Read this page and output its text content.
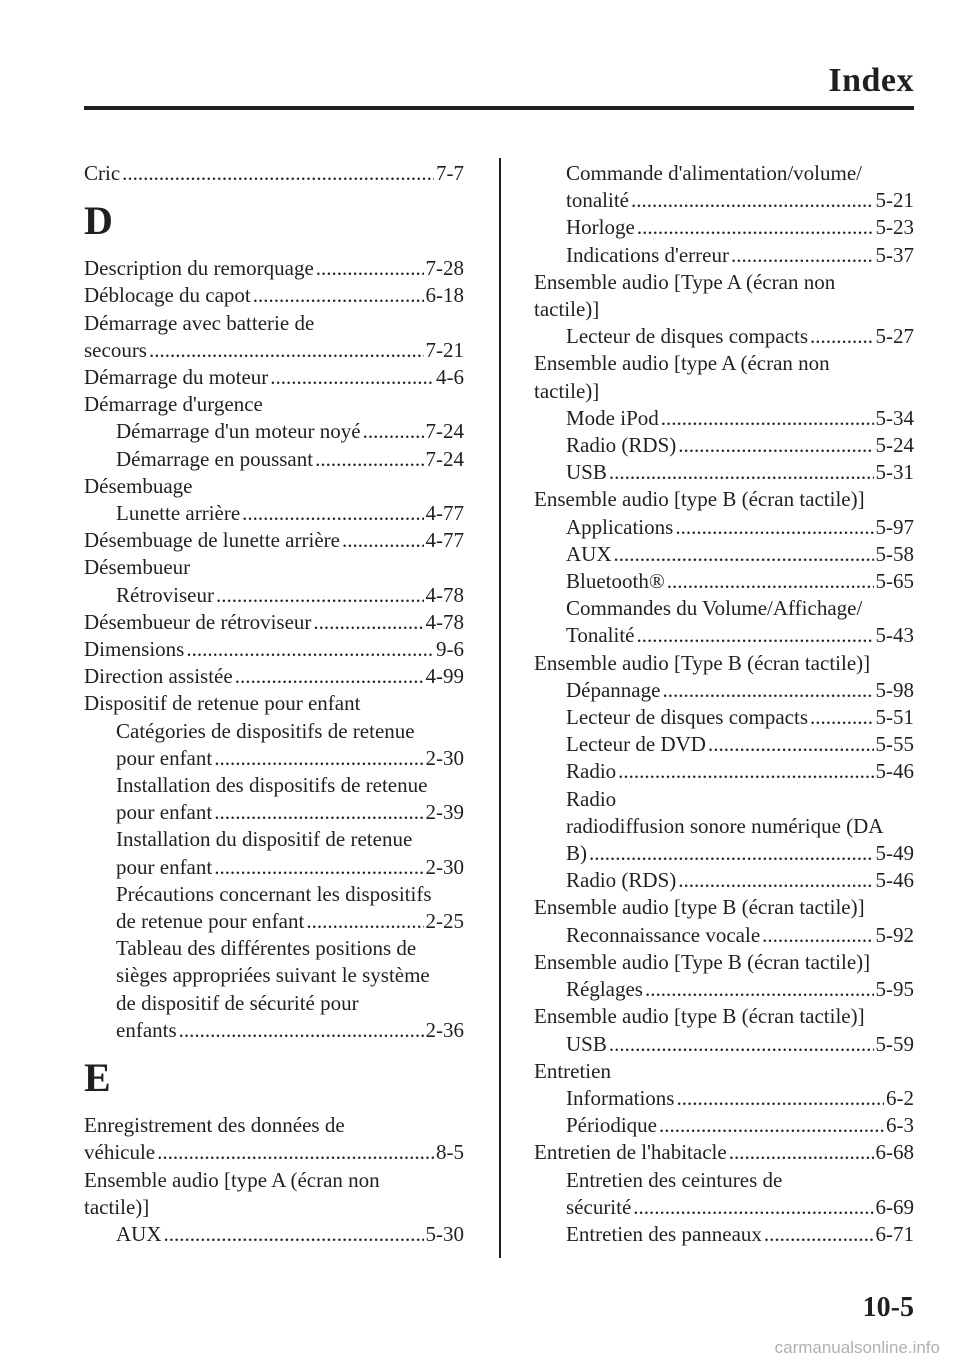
Index
Cric .....	7-7
D
Description du remorquage .....	7-28
Déblocage du capot .....	6-18
Démarrage avec batterie de
secours .....	7-21
Démarrage du moteur .....	4-6
Démarrage d'urgence
Démarrage d'un moteur noyé .....	7-24
Démarrage en poussant .....	7-24
Désembuage
Lunette arrière .....	4-77
Désembuage de lunette arrière .....	4-77
Désembueur
Rétroviseur .....	4-78
Désembueur de rétroviseur .....	4-78
Dimensions .....	9-6
Direction assistée .....	4-99
Dispositif de retenue pour enfant
Catégories de dispositifs de retenue
pour enfant .....	2-30
Installation des dispositifs de retenue
pour enfant .....	2-39
Installation du dispositif de retenue
pour enfant .....	2-30
Précautions concernant les dispositifs
de retenue pour enfant .....	2-25
Tableau des différentes positions de
sièges appropriées suivant le système
de dispositif de sécurité pour
enfants .....	2-36
E
Enregistrement des données de
véhicule .....	8-5
Ensemble audio [type A (écran non
tactile)]
AUX .....	5-30
Commande d'alimentation/volume/
tonalité .....	5-21
Horloge .....	5-23
Indications d'erreur .....	5-37
Ensemble audio [Type A (écran non
tactile)]
Lecteur de disques compacts .....	5-27
Ensemble audio [type A (écran non
tactile)]
Mode iPod .....	5-34
Radio (RDS) .....	5-24
USB .....	5-31
Ensemble audio [type B (écran tactile)]
Applications .....	5-97
AUX .....	5-58
Bluetooth® .....	5-65
Commandes du Volume/Affichage/
Tonalité .....	5-43
Ensemble audio [Type B (écran tactile)]
Dépannage .....	5-98
Lecteur de disques compacts .....	5-51
Lecteur de DVD .....	5-55
Radio .....	5-46
Radio
radiodiffusion sonore numérique (DA
B) .....	5-49
Radio (RDS) .....	5-46
Ensemble audio [type B (écran tactile)]
Reconnaissance vocale .....	5-92
Ensemble audio [Type B (écran tactile)]
Réglages .....	5-95
Ensemble audio [type B (écran tactile)]
USB .....	5-59
Entretien
Informations .....	6-2
Périodique .....	6-3
Entretien de l'habitacle .....	6-68
Entretien des ceintures de
sécurité .....	6-69
Entretien des panneaux .....	6-71
10-5
carmanualsonline.info
